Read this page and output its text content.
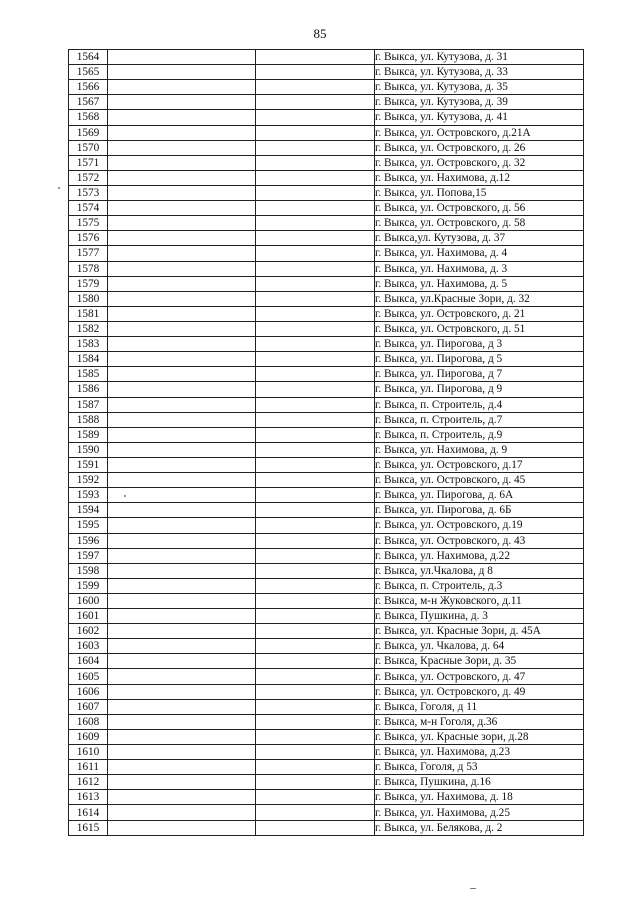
85
1564			г. Выкса, ул. Кутузова, д. 31
1565			г. Выкса, ул. Кутузова, д. 33
1566			г. Выкса, ул. Кутузова, д. 35
1567			г. Выкса, ул. Кутузова, д. 39
1568			г. Выкса, ул. Кутузова, д. 41
1569			г. Выкса, ул. Островского, д.21А
1570			г. Выкса, ул. Островского, д. 26
1571			г. Выкса, ул. Островского, д. 32
1572			г. Выкса, ул. Нахимова, д.12
1573			г. Выкса, ул. Попова,15
1574			г. Выкса, ул. Островского, д. 56
1575			г. Выкса, ул. Островского, д. 58
1576			г. Выкса,ул. Кутузова, д. 37
1577			г. Выкса, ул. Нахимова, д. 4
1578			г. Выкса, ул. Нахимова, д. 3
1579			г. Выкса, ул. Нахимова, д. 5
1580			г. Выкса, ул.Красные Зори, д. 32
1581			г. Выкса, ул. Островского, д. 21
1582			г. Выкса, ул. Островского, д. 51
1583			г. Выкса, ул. Пирогова, д 3
1584			г. Выкса, ул. Пирогова, д 5
1585			г. Выкса, ул. Пирогова, д 7
1586			г. Выкса, ул. Пирогова, д 9
1587			г. Выкса, п. Строитель, д.4
1588			г. Выкса, п. Строитель, д.7
1589			г. Выкса, п. Строитель, д.9
1590			г. Выкса, ул. Нахимова, д. 9
1591			г. Выкса, ул. Островского, д.17
1592			г. Выкса, ул. Островского, д. 45
1593			г. Выкса, ул. Пирогова, д. 6А
1594			г. Выкса, ул. Пирогова, д. 6Б
1595			г. Выкса, ул. Островского, д.19
1596			г. Выкса, ул. Островского, д. 43
1597			г. Выкса, ул. Нахимова, д.22
1598			г. Выкса, ул.Чкалова, д 8
1599			г. Выкса, п. Строитель, д.3
1600			г. Выкса, м-н Жуковского, д.11
1601			г. Выкса, Пушкина, д. 3
1602			г. Выкса, ул. Красные Зори, д. 45А
1603			г. Выкса, ул. Чкалова, д. 64
1604			г. Выкса, Красные Зори, д. 35
1605			г. Выкса, ул. Островского, д. 47
1606			г. Выкса, ул. Островского, д. 49
1607			г. Выкса, Гоголя, д 11
1608			г. Выкса, м-н Гоголя, д.36
1609			г. Выкса, ул. Красные зори, д.28
1610			г. Выкса, ул. Нахимова, д.23
1611			г. Выкса, Гоголя, д 53
1612			г. Выкса, Пушкина, д.16
1613			г. Выкса, ул. Нахимова, д. 18
1614			г. Выкса, ул. Нахимова, д.25
1615			г. Выкса, ул. Белякова, д. 2
